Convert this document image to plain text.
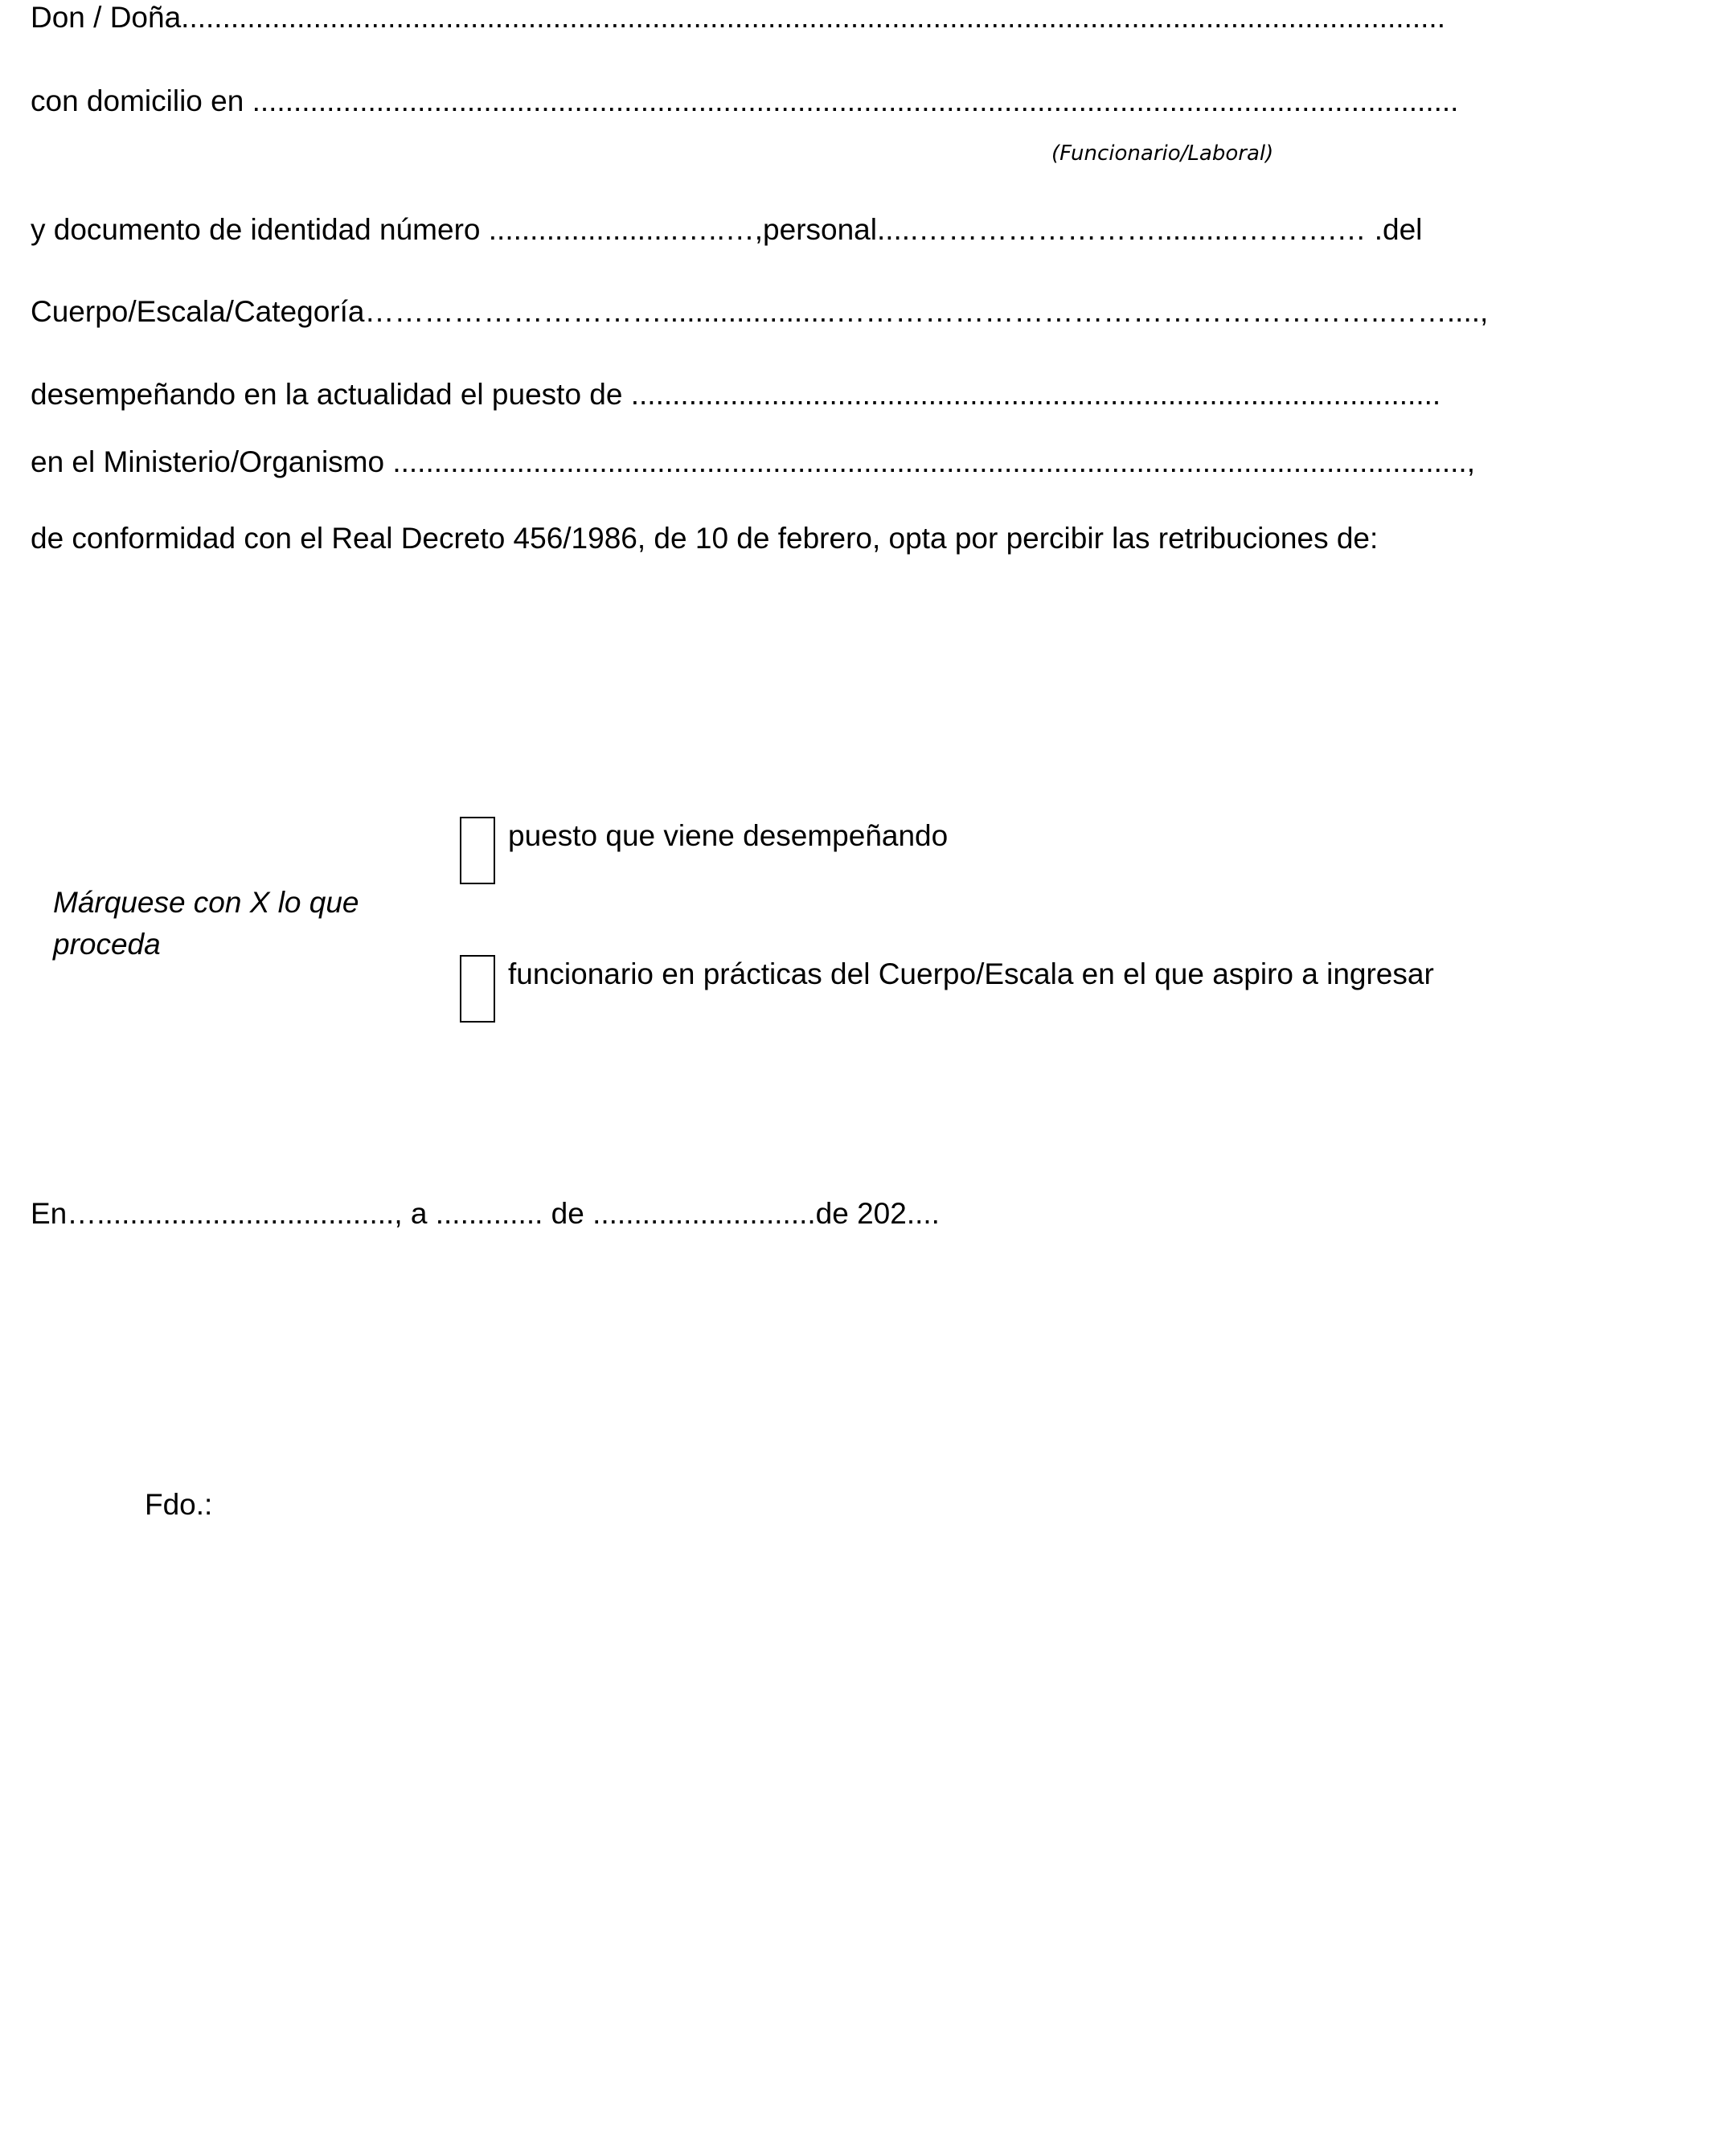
Don / Doña.........................................................................................................................................................
con domicilio en ..................................................................................................................................................
(Funcionario/Laboral)
y documento de identidad número .......................…..…,personal.....……………………..........……….… .del
Cuerpo/Escala/Categoría………………………….....................………………………………………………..……....,
desempeñando en la actualidad el puesto de ..................................................................................................
en el Ministerio/Organismo ..................................................................................................................................,
de conformidad con el Real Decreto 456/1986, de 10 de febrero, opta por percibir las retribuciones de:
Márquese con X lo que proceda
puesto que viene desempeñando
funcionario en prácticas del Cuerpo/Escala en el que aspiro a ingresar
En…...................................., a ............. de ...........................de 202....
Fdo.:
